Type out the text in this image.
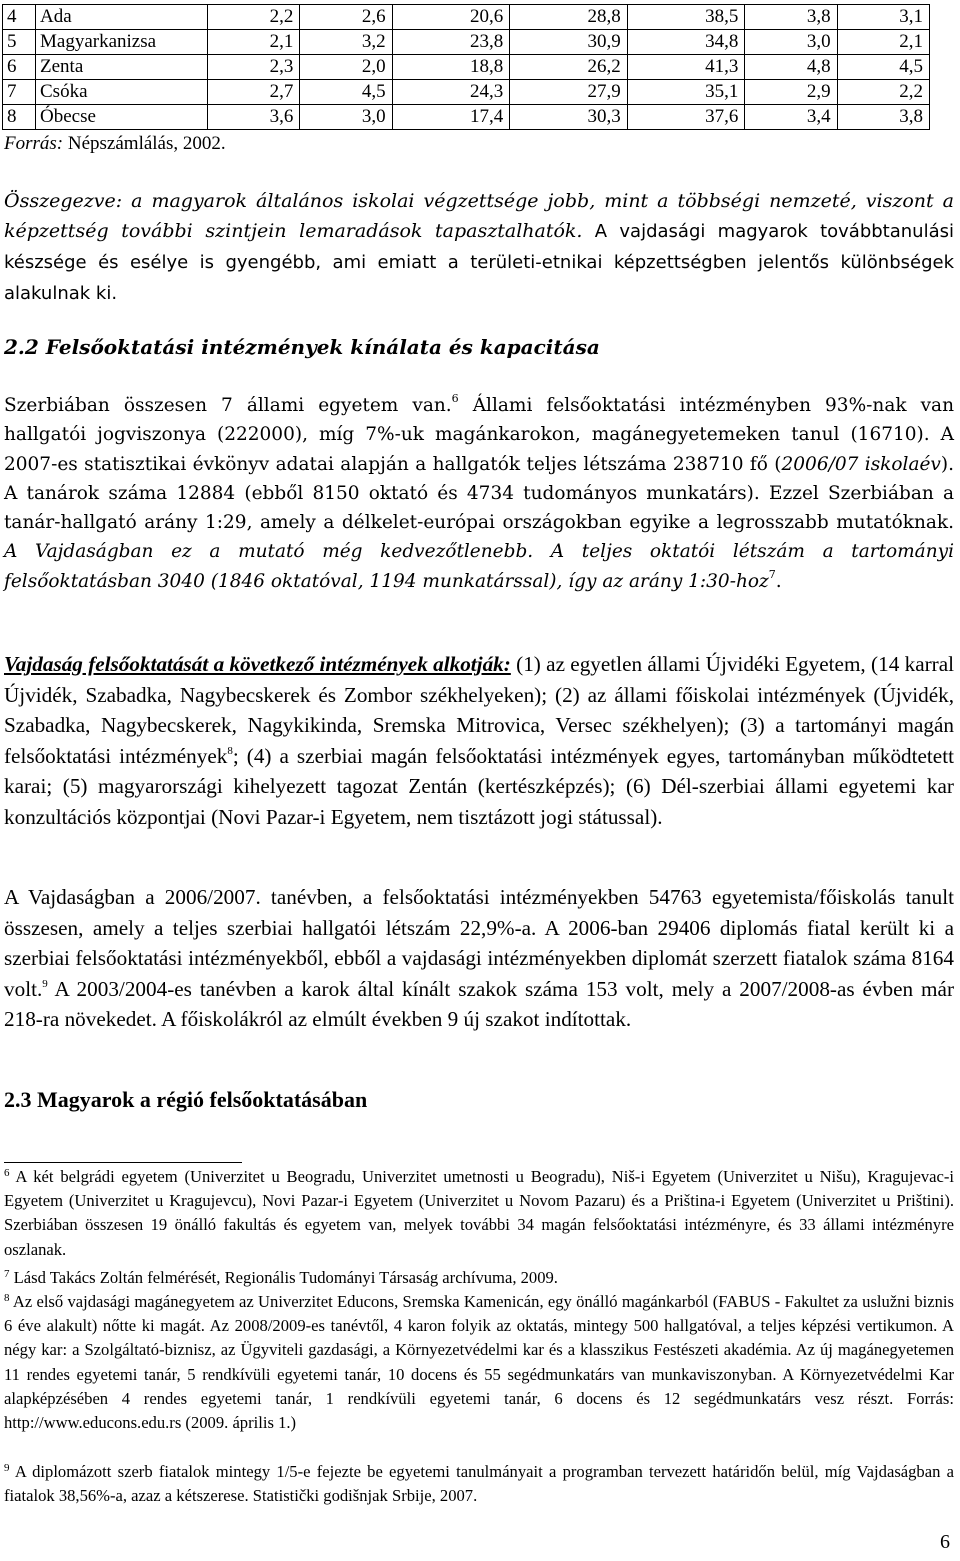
4	Ada	2,2	2,6	20,6	28,8	38,5	3,8	3,1
5	Magyarkanizsa	2,1	3,2	23,8	30,9	34,8	3,0	2,1
6	Zenta	2,3	2,0	18,8	26,2	41,3	4,8	4,5
7	Csóka	2,7	4,5	24,3	27,9	35,1	2,9	2,2
8	Óbecse	3,6	3,0	17,4	30,3	37,6	3,4	3,8
Forrás: Népszámlálás, 2002.

Összegezve: a magyarok általános iskolai végzettsége jobb, mint a többségi nemzeté, viszont a képzettség további szintjein lemaradások tapasztalhatók. A vajdasági magyarok továbbtanulási készsége és esélye is gyengébb, ami emiatt a területi-etnikai képzettségben jelentős különbségek alakulnak ki.

2.2 Felsőoktatási intézmények kínálata és kapacitása

Szerbiában összesen 7 állami egyetem van.$^6$ Állami felsőoktatási intézményben 93%-nak van hallgatói jogviszonya (222000), míg 7%-uk magánkarokon, magánegyetemeken tanul (16710). A 2007-es statisztikai évkönyv adatai alapján a hallgatók teljes létszáma 238710 fő (2006/07 iskolaév). A tanárok száma 12884 (ebből 8150 oktató és 4734 tudományos munkatárs). Ezzel Szerbiában a tanár-hallgató arány 1:29, amely a délkelet-európai országokban egyike a legrosszabb mutatóknak. A Vajdaságban ez a mutató még kedvezőtlenebb. A teljes oktatói létszám a tartományi felsőoktatásban 3040 (1846 oktatóval, 1194 munkatárssal), így az arány 1:30-hoz$^7$.

Vajdaság felsőoktatását a következő intézmények alkotják: (1) az egyetlen állami Újvidéki Egyetem, (14 karral Újvidék, Szabadka, Nagybecskerek és Zombor székhelyeken); (2) az állami főiskolai intézmények (Újvidék, Szabadka, Nagybecskerek, Nagykikinda, Sremska Mitrovica, Versec székhelyen); (3) a tartományi magán felsőoktatási intézmények$^8$; (4) a szerbiai magán felsőoktatási intézmények egyes, tartományban működtetett karai; (5) magyarországi kihelyezett tagozat Zentán (kertészképzés); (6) Dél-szerbiai állami egyetemi kar konzultációs központjai (Novi Pazar-i Egyetem, nem tisztázott jogi státussal).

A Vajdaságban a 2006/2007. tanévben, a felsőoktatási intézményekben 54763 egyetemista/főiskolás tanult összesen, amely a teljes szerbiai hallgatói létszám 22,9%-a. A 2006-ban 29406 diplomás fiatal került ki a szerbiai felsőoktatási intézményekből, ebből a vajdasági intézményekben diplomát szerzett fiatalok száma 8164 volt.$^9$ A 2003/2004-es tanévben a karok által kínált szakok száma 153 volt, mely a 2007/2008-as évben már 218-ra növekedet. A főiskolákról az elmúlt években 9 új szakot indítottak.

2.3 Magyarok a régió felsőoktatásában

$^6$ A két belgrádi egyetem (Univerzitet u Beogradu, Univerzitet umetnosti u Beogradu), Niš-i Egyetem (Univerzitet u Nišu), Kragujevac-i Egyetem (Univerzitet u Kragujevcu), Novi Pazar-i Egyetem (Univerzitet u Novom Pazaru) és a Priština-i Egyetem (Univerzitet u Prištini). Szerbiában összesen 19 önálló fakultás és egyetem van, melyek további 34 magán felsőoktatási intézményre, és 33 állami intézményre oszlanak.

$^7$ Lásd Takács Zoltán felmérését, Regionális Tudományi Társaság archívuma, 2009.

$^8$ Az első vajdasági magánegyetem az Univerzitet Educons, Sremska Kamenicán, egy önálló magánkarból (FABUS - Fakultet za uslužni biznis 6 éve alakult) nőtte ki magát. Az 2008/2009-es tanévtől, 4 karon folyik az oktatás, mintegy 500 hallgatóval, a teljes képzési vertikumon. A négy kar: a Szolgáltató-biznisz, az Ügyviteli gazdasági, a Környezetvédelmi kar és a klasszikus Festészeti akadémia. Az új magánegyetemen 11 rendes egyetemi tanár, 5 rendkívüli egyetemi tanár, 10 docens és 55 segédmunkatárs van munkaviszonyban. A Környezetvédelmi Kar alapképzésében 4 rendes egyetemi tanár, 1 rendkívüli egyetemi tanár, 6 docens és 12 segédmunkatárs vesz részt. Forrás: http://www.educons.edu.rs (2009. április 1.)

$^9$ A diplomázott szerb fiatalok mintegy 1/5-e fejezte be egyetemi tanulmányait a programban tervezett határidőn belül, míg Vajdaságban a fiatalok 38,56%-a, azaz a kétszerese. Statistički godišnjak Srbije, 2007.

6
